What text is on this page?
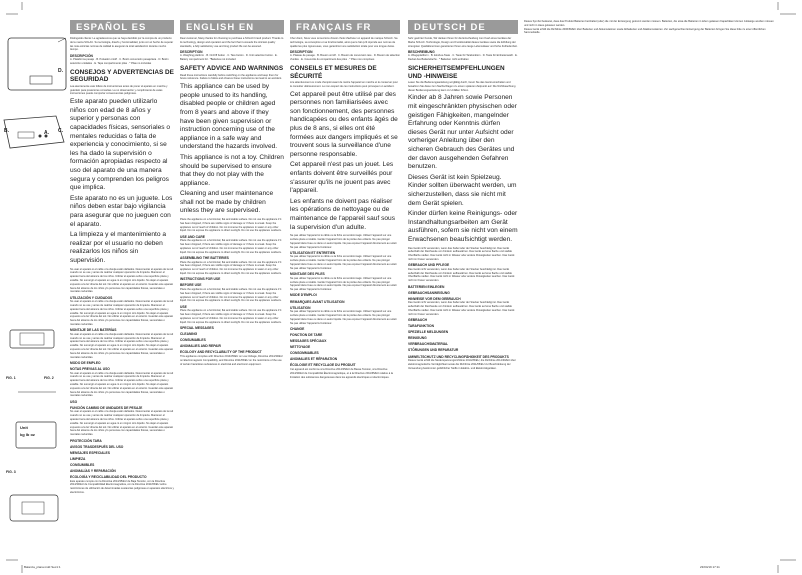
A.
B.	C.
D.
Unit
kg lb oz
FIG. 1	FIG. 2
FIG. 3
ESPAÑOL ES
Distinguido cliente: Le agradecemos que se haya decidido por la compra de un producto de la marca SOLAC. Su tecnología, diseño y funcionalidad, junto con el hecho de superar las más estrictas normas de calidad le aseguran la total satisfacción durante mucho tiempo.
DESCRIPCIÓN
A. Plataforma pesaje · B. Pulsador on/off · C. Botón conversión pesaje/tara · D. Botón selección unidades · E. Tapa compartimento pilas · * Pilas no incluidas
CONSEJOS Y ADVERTENCIAS DE SEGURIDAD
Lea atentamente este folleto de instrucciones antes de poner el aparato en marcha y guárdelo para posteriores consultas. La no observación y cumplimiento de estas instrucciones puede comportar consecuencias peligrosas.
Este aparato pueden utilizarlo niños con edad de 8 años y superior y personas con capacidades físicas, sensoriales o mentales reducidas o falta de experiencia y conocimiento, si se les ha dado la supervisión o formación apropiadas respecto al uso del aparato de una manera segura y comprenden los peligros que implica.
Este aparato no es un juguete. Los niños deben estar bajo vigilancia para asegurar que no jueguen con el aparato.
La limpieza y el mantenimiento a realizar por el usuario no deben realizarlos los niños sin supervisión.
No usar el aparato si el cable o la clavija están dañados. Desconectar el aparato de la red cuando no se use y antes de realizar cualquier operación de limpieza. Mantener el aparato fuera del alcance de los niños. Utilizar el aparato sobre una superficie plana y estable. No sumergir el aparato en agua ni en ningún otro líquido. No dejar el aparato expuesto a la luz directa del sol. No utilizar el aparato en el exterior. Guardar este aparato fuera del alcance de los niños y/o personas con capacidades físicas, sensoriales o mentales reducidas.
UTILIZACIÓN Y CUIDADOS
No usar el aparato si el cable o la clavija están dañados. Desconectar el aparato de la red cuando no se use y antes de realizar cualquier operación de limpieza. Mantener el aparato fuera del alcance de los niños. Utilizar el aparato sobre una superficie plana y estable. No sumergir el aparato en agua ni en ningún otro líquido. No dejar el aparato expuesto a la luz directa del sol. No utilizar el aparato en el exterior. Guardar este aparato fuera del alcance de los niños y/o personas con capacidades físicas, sensoriales o mentales reducidas.
MONTAJE DE LAS BATERÍAS
No usar el aparato si el cable o la clavija están dañados. Desconectar el aparato de la red cuando no se use y antes de realizar cualquier operación de limpieza. Mantener el aparato fuera del alcance de los niños. Utilizar el aparato sobre una superficie plana y estable. No sumergir el aparato en agua ni en ningún otro líquido. No dejar el aparato expuesto a la luz directa del sol. No utilizar el aparato en el exterior. Guardar este aparato fuera del alcance de los niños y/o personas con capacidades físicas, sensoriales o mentales reducidas.
MODO DE EMPLEO
NOTAS PREVIAS AL USO
No usar el aparato si el cable o la clavija están dañados. Desconectar el aparato de la red cuando no se use y antes de realizar cualquier operación de limpieza. Mantener el aparato fuera del alcance de los niños. Utilizar el aparato sobre una superficie plana y estable. No sumergir el aparato en agua ni en ningún otro líquido. No dejar el aparato expuesto a la luz directa del sol. No utilizar el aparato en el exterior. Guardar este aparato fuera del alcance de los niños y/o personas con capacidades físicas, sensoriales o mentales reducidas.
USO
FUNCIÓN CAMBIO DE UNIDADES DE PESAJE
No usar el aparato si el cable o la clavija están dañados. Desconectar el aparato de la red cuando no se use y antes de realizar cualquier operación de limpieza. Mantener el aparato fuera del alcance de los niños. Utilizar el aparato sobre una superficie plana y estable. No sumergir el aparato en agua ni en ningún otro líquido. No dejar el aparato expuesto a la luz directa del sol. No utilizar el aparato en el exterior. Guardar este aparato fuera del alcance de los niños y/o personas con capacidades físicas, sensoriales o mentales reducidas.
PROTECCIÓN TARA
AVISOS TRASDESPUÉS DEL USO
MENSAJES ESPECIALES
LIMPIEZA
CONSUMIBLES
ANOMALÍAS Y REPARACIÓN
ECOLOGÍA Y RECICLABILIDAD DEL PRODUCTO
Este aparato cumple con la Directiva 2014/35/EU de Baja Tensión, con la Directiva 2014/30/EU de Compatibilidad Electromagnética, con la Directiva 2011/65/EU sobre restricciones de utilización de determinadas sustancias peligrosas en aparatos eléctricos y electrónicos.
ENGLISH EN
Dear customer, Many thanks for choosing to purchase a SOLAC brand product. Thanks to its technology, design and operation and the fact that it exceeds the strictest quality standards, a fully satisfactory use and long product life can be assured.
DESCRIPTION
A. Weighing platform · B. On/Off button · C. Tare button · D. Unit selection button · E. Battery compartment lid · *Batteries not included
SAFETY ADVICE AND WARNINGS
Read these instructions carefully before switching on the appliance and keep them for future reference. Failure to follow and observe these instructions can lead to an accident.
This appliance can be used by people unused to its handling, disabled people or children aged from 8 years and above if they have been given supervision or instruction concerning use of the appliance in a safe way and understand the hazards involved.
This appliance is not a toy. Children should be supervised to ensure that they do not play with the appliance.
Cleaning and user maintenance shall not be made by children unless they are supervised.
Place the appliance on a horizontal, flat and stable surface. Do not use the appliance if it has been dropped, if there are visible signs of damage or if there is a leak. Keep the appliance out of reach of children. Do not immerse the appliance in water or any other liquid. Do not expose the appliance to direct sunlight. Do not use the appliance outdoors.
USE AND CARE
Place the appliance on a horizontal, flat and stable surface. Do not use the appliance if it has been dropped, if there are visible signs of damage or if there is a leak. Keep the appliance out of reach of children. Do not immerse the appliance in water or any other liquid. Do not expose the appliance to direct sunlight. Do not use the appliance outdoors.
ASSEMBLING THE BATTERIES
Place the appliance on a horizontal, flat and stable surface. Do not use the appliance if it has been dropped, if there are visible signs of damage or if there is a leak. Keep the appliance out of reach of children. Do not immerse the appliance in water or any other liquid. Do not expose the appliance to direct sunlight. Do not use the appliance outdoors.
INSTRUCTIONS FOR USE
BEFORE USE
Place the appliance on a horizontal, flat and stable surface. Do not use the appliance if it has been dropped, if there are visible signs of damage or if there is a leak. Keep the appliance out of reach of children. Do not immerse the appliance in water or any other liquid. Do not expose the appliance to direct sunlight. Do not use the appliance outdoors.
USE
Place the appliance on a horizontal, flat and stable surface. Do not use the appliance if it has been dropped, if there are visible signs of damage or if there is a leak. Keep the appliance out of reach of children. Do not immerse the appliance in water or any other liquid. Do not expose the appliance to direct sunlight. Do not use the appliance outdoors.
SPECIAL MESSAGES
CLEANING
CONSUMABLES
ANOMALIES AND REPAIR
ECOLOGY AND RECYCLABILITY OF THE PRODUCT
This appliance complies with Directive 2014/35/EU on Low Voltage, Directive 2014/30/EU on Electromagnetic Compatibility, and Directive 2011/65/EU on the restrictions of the use of certain hazardous substances in electrical and electronic equipment.
FRANÇAIS FR
Cher client, Nous vous remercions d'avoir choisi d'acheter un appareil de marque SOLAC. Sa technologie, sa conception et sa fonctionnalité, ainsi que le fait qu'il réponde aux normes de qualité les plus rigoureuses, vous garantiront une satisfaction totale pour une longue durée.
DESCRIPTION
A. Plateau de pesage · B. Bouton on/off · C. Bouton de conversion tare · D. Bouton de sélection d'unités · E. Couvercle du compartiment des piles · * Piles non comprises
CONSEILS ET MESURES DE SÉCURITÉ
Lire attentivement ce mode d'emploi avant de mettre l'appareil en marche et le conserver pour le consulter ultérieurement. Le non-respect de ces instructions peut provoquer un accident.
Cet appareil peut être utilisé par des personnes non familiarisées avec son fonctionnement, des personnes handicapées ou des enfants âgés de plus de 8 ans, si elles ont été formées aux dangers impliqués et se trouvent sous la surveillance d'une personne responsable.
Cet appareil n'est pas un jouet. Les enfants doivent être surveillés pour s'assurer qu'ils ne jouent pas avec l'appareil.
Les enfants ne doivent pas réaliser les opérations de nettoyage ou de maintenance de l'appareil sauf sous la supervision d'un adulte.
Ne pas utiliser l'appareil si le câble ou la fiche est endommagé. Utiliser l'appareil sur une surface plane et stable. Garder l'appareil hors de la portée des enfants. Ne pas plonger l'appareil dans l'eau ou dans un autre liquide. Ne pas exposer l'appareil directement au soleil. Ne pas utiliser l'appareil à l'extérieur.
UTILISATION ET ENTRETIEN
Ne pas utiliser l'appareil si le câble ou la fiche est endommagé. Utiliser l'appareil sur une surface plane et stable. Garder l'appareil hors de la portée des enfants. Ne pas plonger l'appareil dans l'eau ou dans un autre liquide. Ne pas exposer l'appareil directement au soleil. Ne pas utiliser l'appareil à l'extérieur.
MONTAGE DES PILES
Ne pas utiliser l'appareil si le câble ou la fiche est endommagé. Utiliser l'appareil sur une surface plane et stable. Garder l'appareil hors de la portée des enfants. Ne pas plonger l'appareil dans l'eau ou dans un autre liquide. Ne pas exposer l'appareil directement au soleil. Ne pas utiliser l'appareil à l'extérieur.
MODE D'EMPLOI
REMARQUES AVANT UTILISATION
UTILISATION
Ne pas utiliser l'appareil si le câble ou la fiche est endommagé. Utiliser l'appareil sur une surface plane et stable. Garder l'appareil hors de la portée des enfants. Ne pas plonger l'appareil dans l'eau ou dans un autre liquide. Ne pas exposer l'appareil directement au soleil. Ne pas utiliser l'appareil à l'extérieur.
CHANGE
FONCTION DE TARE
MESSAGES SPÉCIAUX
NETTOYAGE
CONSOMMABLES
ANOMALIES ET RÉPARATION
ÉCOLOGIE ET RECYCLAGE DU PRODUIT
Cet appareil est conforme à la Directive 2014/35/EU de Basse Tension, à la Directive 2014/30/EU de Compatibilité Électromagnétique, et à la Directive 2011/65/EU relative à la limitation des substances dangereuses dans les appareils électriques et électroniques.
DEUTSCH DE
Sehr geehrter Kunde, Wir danken Ihnen für die Entscheidung zum Kauf eines Gerätes der Marke SOLAC. Technologie, Design und Funktionalität dieses Gerätes sowie die Erfüllung der strengsten Qualitätsnormen garantieren Ihnen eine lange Lebensdauer und hohe Zufriedenheit.
BESCHREIBUNG
A. Wiegeplattform · B. Ein/Aus-Taste · C. Taste für Tarafunktion · D. Taste für Einheitenwahl · E. Deckel des Batteriefachs · * Batterien nicht enthalten
SICHERHEITSEMPFEHLUNGEN UND -HINWEISE
Lesen Sie die Bedienungsanleitung sorgfältig durch, bevor Sie das Gerät einschalten und bewahren Sie diese zum Nachschlagen zu einem späteren Zeitpunkt auf. Die Nichtbeachtung dieser Bedienungsanleitung kann zu Unfällen führen.
Kinder ab 8 Jahren sowie Personen mit eingeschränkten physischen oder geistigen Fähigkeiten, mangelnder Erfahrung oder Kenntnis dürfen dieses Gerät nur unter Aufsicht oder vorheriger Anleitung über den sicheren Gebrauch des Gerätes und der davon ausgehenden Gefahren benutzen.
Dieses Gerät ist kein Spielzeug. Kinder sollten überwacht werden, um sicherzustellen, dass sie nicht mit dem Gerät spielen.
Kinder dürfen keine Reinigungs- oder Instandhaltungsarbeiten am Gerät ausführen, sofern sie nicht von einem Erwachsenen beaufsichtigt werden.
Das Gerät nicht verwenden, wenn das Kabel oder der Stecker beschädigt ist. Das Gerät außerhalb der Reichweite von Kindern aufbewahren. Das Gerät auf eine flache und stabile Oberfläche stellen. Das Gerät nicht in Wasser oder andere Flüssigkeiten tauchen. Das Gerät nicht im Freien verwenden.
GEBRAUCH UND PFLEGE
Das Gerät nicht verwenden, wenn das Kabel oder der Stecker beschädigt ist. Das Gerät außerhalb der Reichweite von Kindern aufbewahren. Das Gerät auf eine flache und stabile Oberfläche stellen. Das Gerät nicht in Wasser oder andere Flüssigkeiten tauchen. Das Gerät nicht im Freien verwenden.
BATTERIEN EINLEGEN
GEBRAUCHSANWEISUNG
HINWEISE VOR DEM GEBRAUCH
Das Gerät nicht verwenden, wenn das Kabel oder der Stecker beschädigt ist. Das Gerät außerhalb der Reichweite von Kindern aufbewahren. Das Gerät auf eine flache und stabile Oberfläche stellen. Das Gerät nicht in Wasser oder andere Flüssigkeiten tauchen. Das Gerät nicht im Freien verwenden.
GEBRAUCH
TARAFUNKTION
SPEZIELLE MELDUNGEN
REINIGUNG
VERBRAUCHSMATERIAL
STÖRUNGEN UND REPARATUR
UMWELTSCHUTZ UND RECYCLINGFÄHIGKEIT DES PRODUKTS
Dieses Gerät erfüllt die Niederspannungsrichtlinie 2014/35/EU, die Richtlinie 2014/30/EU über elektromagnetische Verträglichkeit sowie die Richtlinie 2011/65/EU zur Beschränkung der Verwendung bestimmter gefährlicher Stoffe in Elektro- und Elektronikgeräten.
Dieses Symbol bedeutet, dass das Produkt Batterien beinhaltet (oder) die mit der Entsorgung getrennt werden müssen. Batterien, die etwa die Batterien in leben gelassen Kapazitäten können zulässige werden müssen und nicht in Haus gelassen werden.
Dieses Gerät erfüllt die Richtlinie 2006/66/EC über Batterien und Akkumulatoren sowie Altbatterien und Altakkumulatoren. Zur sachgerechten Entsorgung der Batterien bringen Sie diese bitte zu einer öffentlichen Sammelstelle.
Balanza_plana.indd Sec1:1	23/04/19 17:11
